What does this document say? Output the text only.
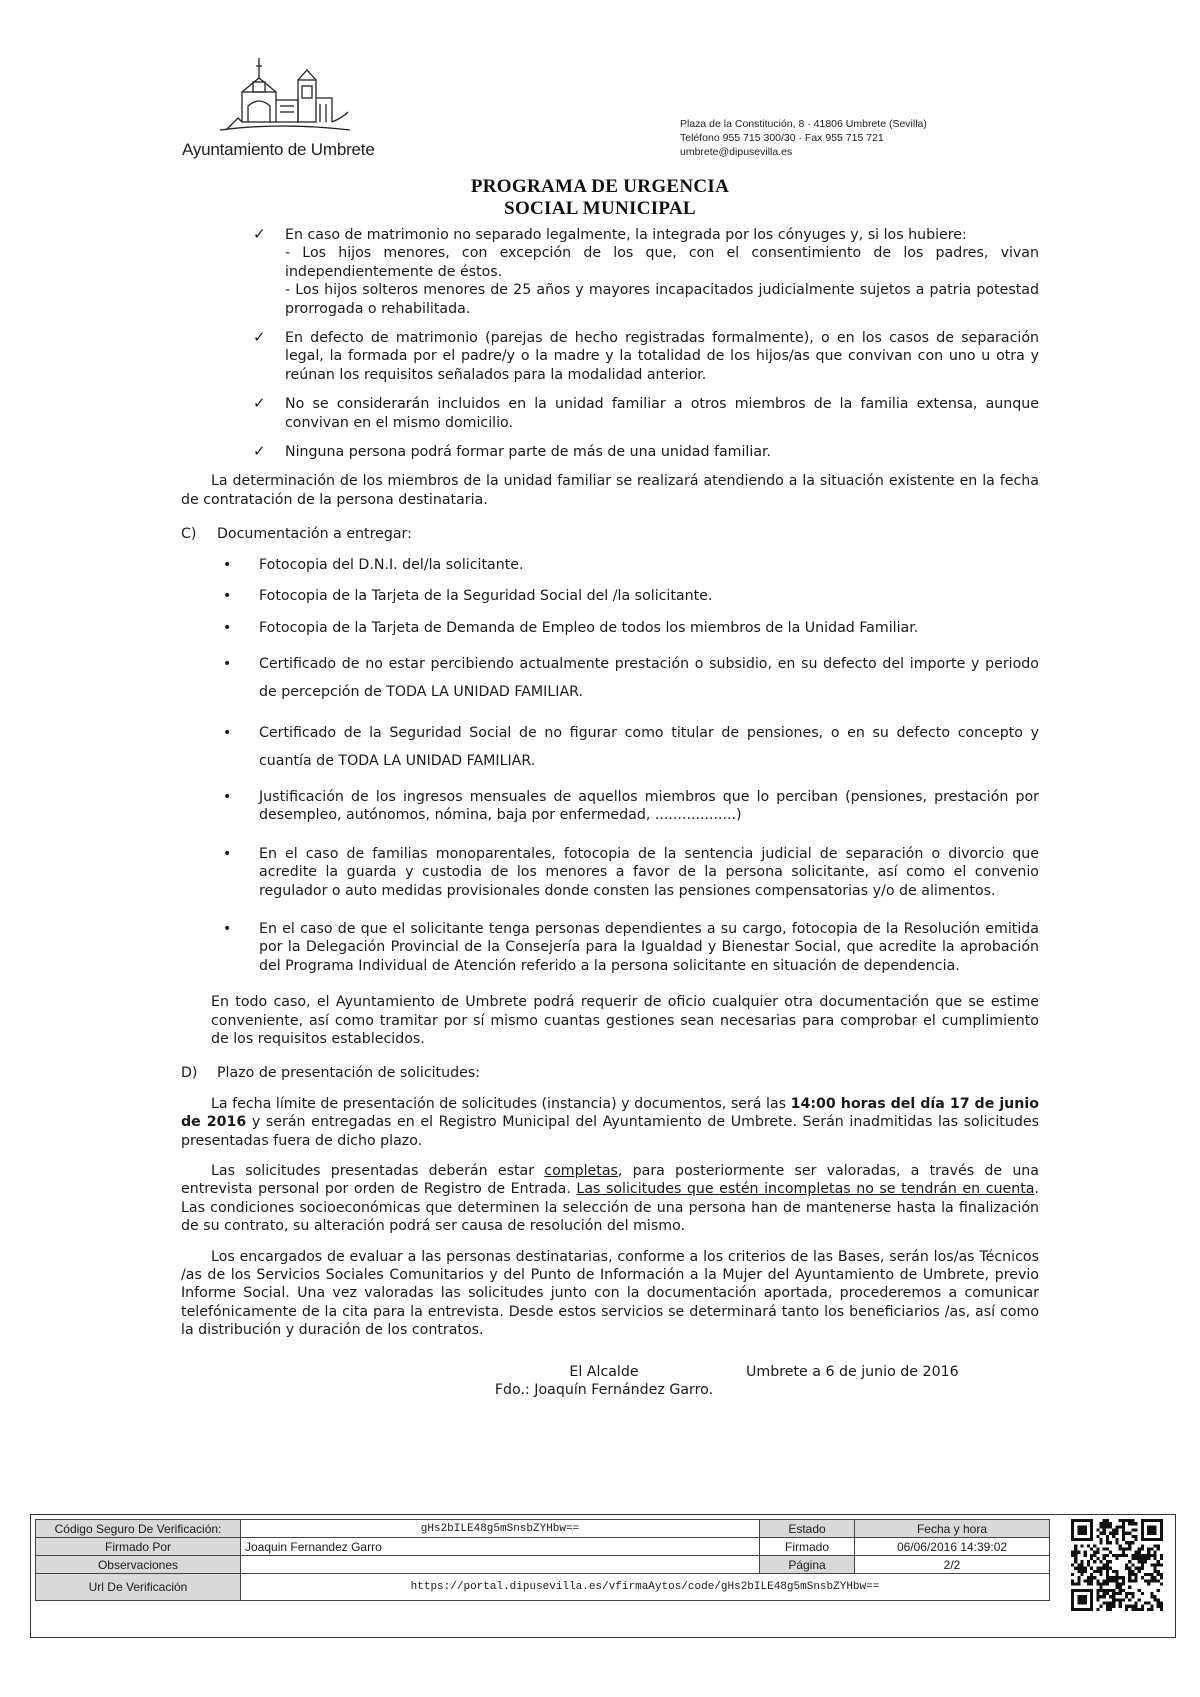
Ayuntamiento de Umbrete
Plaza de la Constitución, 8 · 41806 Umbrete (Sevilla)
Teléfono 955 715 300/30 · Fax 955 715 721
umbrete@dipusevilla.es
PROGRAMA DE URGENCIA
SOCIAL MUNICIPAL
✓ En caso de matrimonio no separado legalmente, la integrada por los cónyuges y, si los hubiere:

- Los hijos menores, con excepción de los que, con el consentimiento de los padres, vivan independientemente de éstos.

- Los hijos solteros menores de 25 años y mayores incapacitados judicialmente sujetos a patria potestad prorrogada o rehabilitada.

✓ En defecto de matrimonio (parejas de hecho registradas formalmente), o en los casos de separación legal, la formada por el padre/y o la madre y la totalidad de los hijos/as que convivan con uno u otra y reúnan los requisitos señalados para la modalidad anterior.

✓ No se considerarán incluidos en la unidad familiar a otros miembros de la familia extensa, aunque convivan en el mismo domicilio.

✓ Ninguna persona podrá formar parte de más de una unidad familiar.

La determinación de los miembros de la unidad familiar se realizará atendiendo a la situación existente en la fecha de contratación de la persona destinataria.

C) Documentación a entregar:
• Fotocopia del D.N.I. del/la solicitante.
• Fotocopia de la Tarjeta de la Seguridad Social del /la solicitante.
• Fotocopia de la Tarjeta de Demanda de Empleo de todos los miembros de la Unidad Familiar.
• Certificado de no estar percibiendo actualmente prestación o subsidio, en su defecto del importe y periodo de percepción de TODA LA UNIDAD FAMILIAR.
• Certificado de la Seguridad Social de no figurar como titular de pensiones, o en su defecto concepto y cuantía de TODA LA UNIDAD FAMILIAR.
• Justificación de los ingresos mensuales de aquellos miembros que lo perciban (pensiones, prestación por desempleo, autónomos, nómina, baja por enfermedad, ..................)
• En el caso de familias monoparentales, fotocopia de la sentencia judicial de separación o divorcio que acredite la guarda y custodia de los menores a favor de la persona solicitante, así como el convenio regulador o auto medidas provisionales donde consten las pensiones compensatorias y/o de alimentos.
• En el caso de que el solicitante tenga personas dependientes a su cargo, fotocopia de la Resolución emitida por la Delegación Provincial de la Consejería para la Igualdad y Bienestar Social, que acredite la aprobación del Programa Individual de Atención referido a la persona solicitante en situación de dependencia.

En todo caso, el Ayuntamiento de Umbrete podrá requerir de oficio cualquier otra documentación que se estime conveniente, así como tramitar por sí mismo cuantas gestiones sean necesarias para comprobar el cumplimiento de los requisitos establecidos.

D) Plazo de presentación de solicitudes:

La fecha límite de presentación de solicitudes (instancia) y documentos, será las 14:00 horas del día 17 de junio de 2016 y serán entregadas en el Registro Municipal del Ayuntamiento de Umbrete. Serán inadmitidas las solicitudes presentadas fuera de dicho plazo.

Las solicitudes presentadas deberán estar completas, para posteriormente ser valoradas, a través de una entrevista personal por orden de Registro de Entrada. Las solicitudes que estén incompletas no se tendrán en cuenta. Las condiciones socioeconómicas que determinen la selección de una persona han de mantenerse hasta la finalización de su contrato, su alteración podrá ser causa de resolución del mismo.

Los encargados de evaluar a las personas destinatarias, conforme a los criterios de las Bases, serán los/as Técnicos /as de los Servicios Sociales Comunitarios y del Punto de Información a la Mujer del Ayuntamiento de Umbrete, previo Informe Social. Una vez valoradas las solicitudes junto con la documentación aportada, procederemos a comunicar telefónicamente de la cita para la entrevista. Desde estos servicios se determinará tanto los beneficiarios /as, así como la distribución y duración de los contratos.

El Alcalde
Fdo.: Joaquín Fernández Garro.
Umbrete a 6 de junio de 2016
Código Seguro De Verificación:	gHs2bILE48g5mSnsbZYHbw==	Estado	Fecha y hora
Firmado Por	Joaquin Fernandez Garro	Firmado	06/06/2016 14:39:02
Observaciones		Página	2/2
Url De Verificación	https://portal.dipusevilla.es/vfirmaAytos/code/gHs2bILE48g5mSnsbZYHbw==		
